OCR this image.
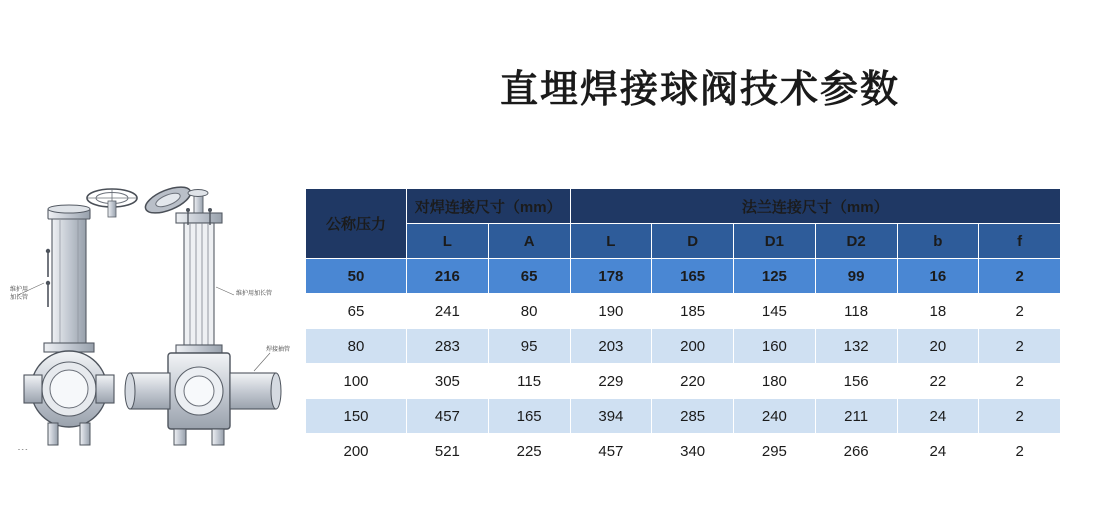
直埋焊接球阀技术参数
维护用
加长管
- - -
维护用加长管
焊接抽管
公称压力	对焊连接尺寸（mm）		法兰连接尺寸（mm）					
	L	A	L	D	D1	D2	b	f
50	216	65	178	165	125	99	16	2
65	241	80	190	185	145	118	18	2
80	283	95	203	200	160	132	20	2
100	305	115	229	220	180	156	22	2
150	457	165	394	285	240	211	24	2
200	521	225	457	340	295	266	24	2
